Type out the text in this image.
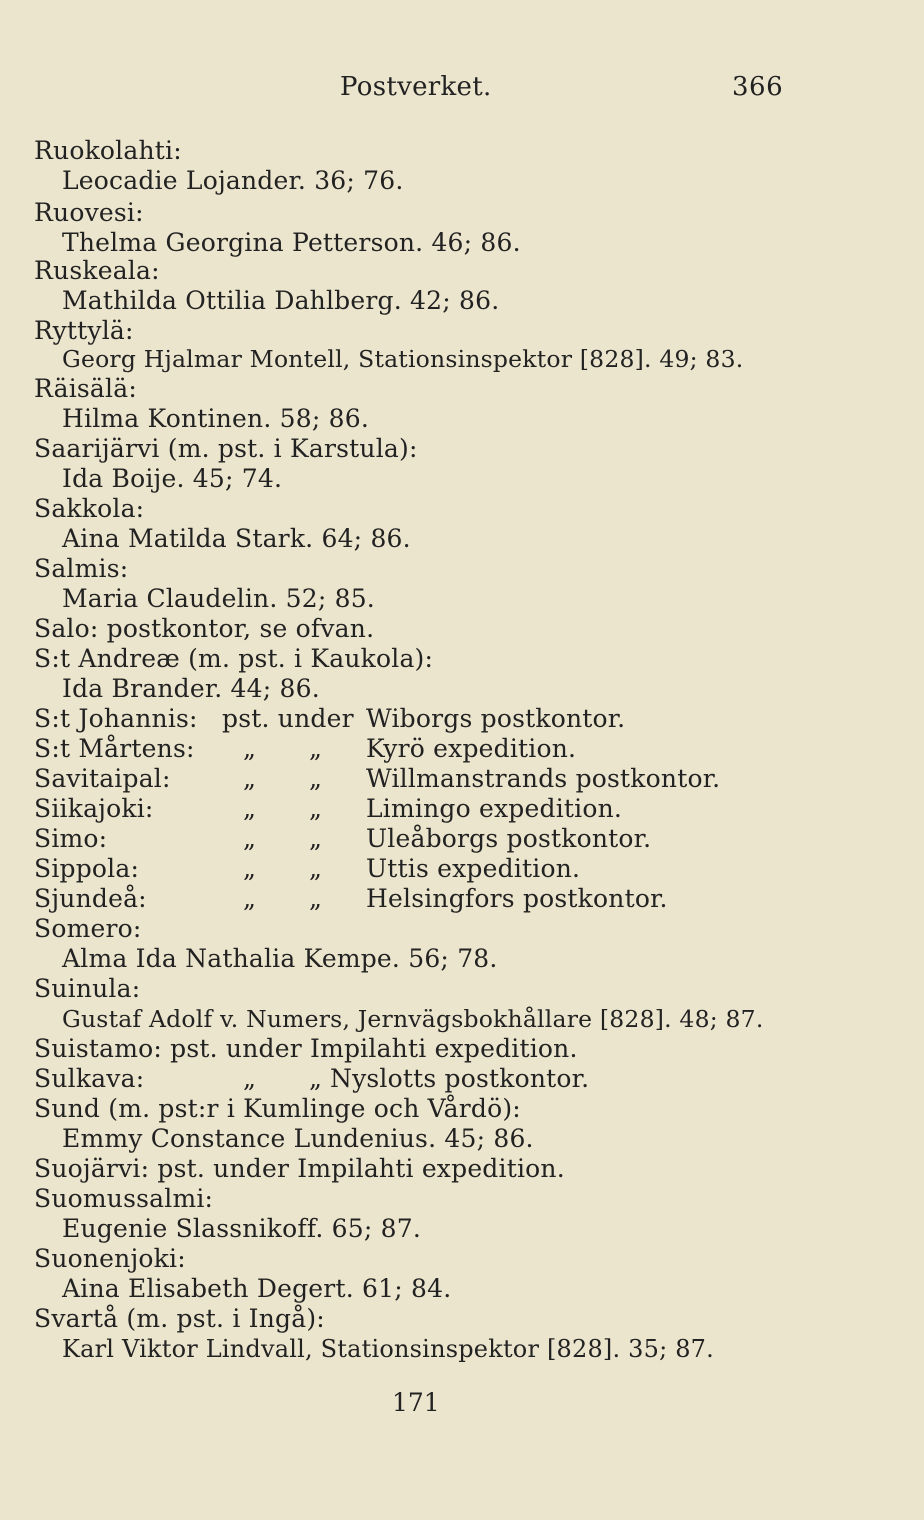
Postverket.	366
Ruokolahti:
Leocadie Lojander. 36; 76.
Ruovesi:
Thelma Georgina Petterson. 46; 86.
Ruskeala:
Mathilda Ottilia Dahlberg. 42; 86.
Ryttylä:
Georg Hjalmar Montell, Stationsinspektor [828]. 49; 83.
Räisälä:
Hilma Kontinen. 58; 86.
Saarijärvi (m. pst. i Karstula):
Ida Boije. 45; 74.
Sakkola:
Aina Matilda Stark. 64; 86.
Salmis:
Maria Claudelin. 52; 85.
Salo: postkontor, se ofvan.
S:t Andreæ (m. pst. i Kaukola):
Ida Brander. 44; 86.
S:t Johannis: pst. under Wiborgs postkontor.
S:t Mårtens: „ „ Kyrö expedition.
Savitaipal:	„ „ Willmanstrands postkontor.
Siikajoki:	„ „ Limingo expedition.
Simo:	„ „ Uleåborgs postkontor.
Sippola:	„ „ Uttis expedition.
Sjundeå:	„ „ Helsingfors postkontor.
Somero:
Alma Ida Nathalia Kempe. 56; 78.
Suinula:
Gustaf Adolf v. Numers, Jernvägsbokhållare [828]. 48; 87.
Suistamo: pst. under Impilahti expedition.
Sulkava:	„ „ Nyslotts postkontor.
Sund (m. pst:r i Kumlinge och Vårdö):
Emmy Constance Lundenius. 45; 86.
Suojärvi: pst. under Impilahti expedition.
Suomussalmi:
Eugenie Slassnikoff. 65; 87.
Suonenjoki:
Aina Elisabeth Degert. 61; 84.
Svartå (m. pst. i Ingå):
Karl Viktor Lindvall, Stationsinspektor [828]. 35; 87.
171
